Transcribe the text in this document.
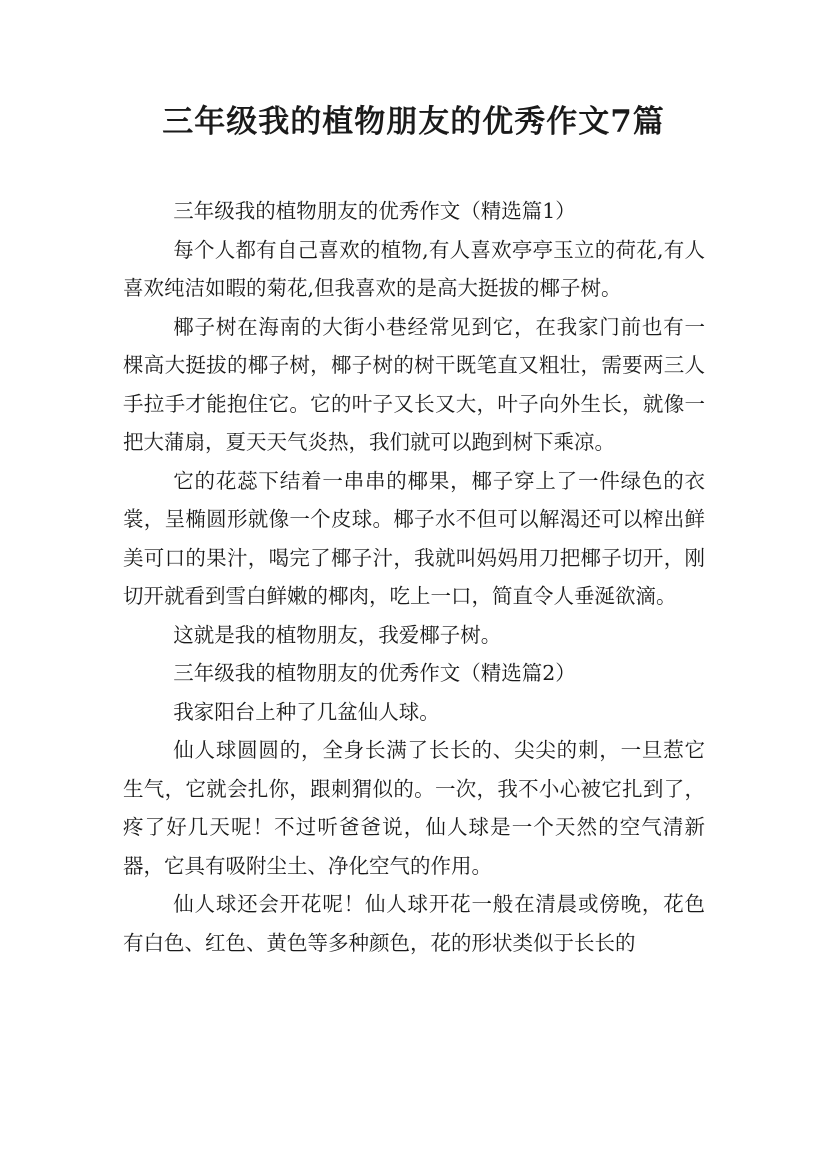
三年级我的植物朋友的优秀作文7篇

三年级我的植物朋友的优秀作文（精选篇1）

每个人都有自己喜欢的植物,有人喜欢亭亭玉立的荷花,有人喜欢纯洁如暇的菊花,但我喜欢的是高大挺拔的椰子树。

椰子树在海南的大街小巷经常见到它，在我家门前也有一棵高大挺拔的椰子树，椰子树的树干既笔直又粗壮，需要两三人手拉手才能抱住它。它的叶子又长又大，叶子向外生长，就像一把大蒲扇，夏天天气炎热，我们就可以跑到树下乘凉。

它的花蕊下结着一串串的椰果，椰子穿上了一件绿色的衣裳，呈椭圆形就像一个皮球。椰子水不但可以解渴还可以榨出鲜美可口的果汁，喝完了椰子汁，我就叫妈妈用刀把椰子切开，刚切开就看到雪白鲜嫩的椰肉，吃上一口，简直令人垂涎欲滴。

这就是我的植物朋友，我爱椰子树。

三年级我的植物朋友的优秀作文（精选篇2）

我家阳台上种了几盆仙人球。

仙人球圆圆的，全身长满了长长的、尖尖的刺，一旦惹它生气，它就会扎你，跟刺猬似的。一次，我不小心被它扎到了，疼了好几天呢！不过听爸爸说，仙人球是一个天然的空气清新器，它具有吸附尘土、净化空气的作用。

仙人球还会开花呢！仙人球开花一般在清晨或傍晚，花色有白色、红色、黄色等多种颜色，花的形状类似于长长的
